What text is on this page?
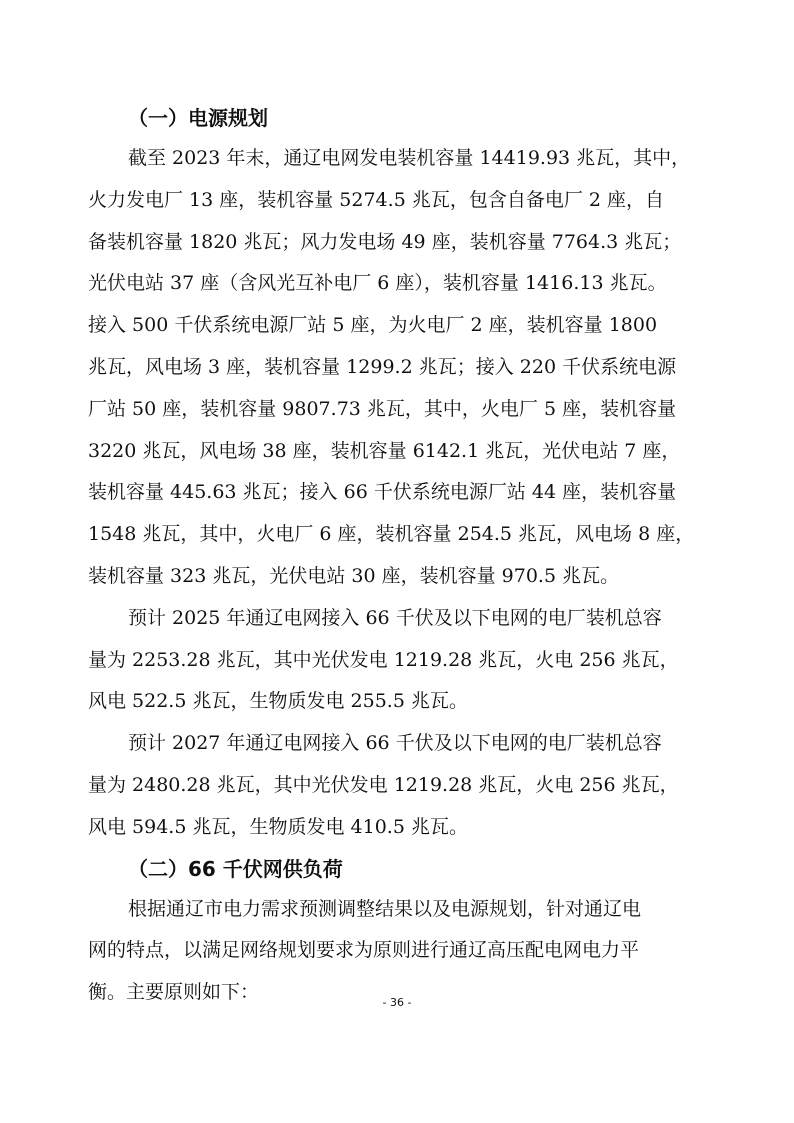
（一）电源规划

截至 2023 年末，通辽电网发电装机容量 14419.93 兆瓦，其中，
火力发电厂 13 座，装机容量 5274.5 兆瓦，包含自备电厂 2 座，自
备装机容量 1820 兆瓦；风力发电场 49 座，装机容量 7764.3 兆瓦；
光伏电站 37 座（含风光互补电厂 6 座），装机容量 1416.13 兆瓦。
接入 500 千伏系统电源厂站 5 座，为火电厂 2 座，装机容量 1800
兆瓦，风电场 3 座，装机容量 1299.2 兆瓦；接入 220 千伏系统电源
厂站 50 座，装机容量 9807.73 兆瓦，其中，火电厂 5 座，装机容量
3220 兆瓦，风电场 38 座，装机容量 6142.1 兆瓦，光伏电站 7 座，
装机容量 445.63 兆瓦；接入 66 千伏系统电源厂站 44 座，装机容量
1548 兆瓦，其中，火电厂 6 座，装机容量 254.5 兆瓦，风电场 8 座，
装机容量 323 兆瓦，光伏电站 30 座，装机容量 970.5 兆瓦。

预计 2025 年通辽电网接入 66 千伏及以下电网的电厂装机总容
量为 2253.28 兆瓦，其中光伏发电 1219.28 兆瓦，火电 256 兆瓦，
风电 522.5 兆瓦，生物质发电 255.5 兆瓦。

预计 2027 年通辽电网接入 66 千伏及以下电网的电厂装机总容
量为 2480.28 兆瓦，其中光伏发电 1219.28 兆瓦，火电 256 兆瓦，
风电 594.5 兆瓦，生物质发电 410.5 兆瓦。

（二）66 千伏网供负荷

根据通辽市电力需求预测调整结果以及电源规划，针对通辽电
网的特点，以满足网络规划要求为原则进行通辽高压配电网电力平
衡。主要原则如下：	- 36 -
